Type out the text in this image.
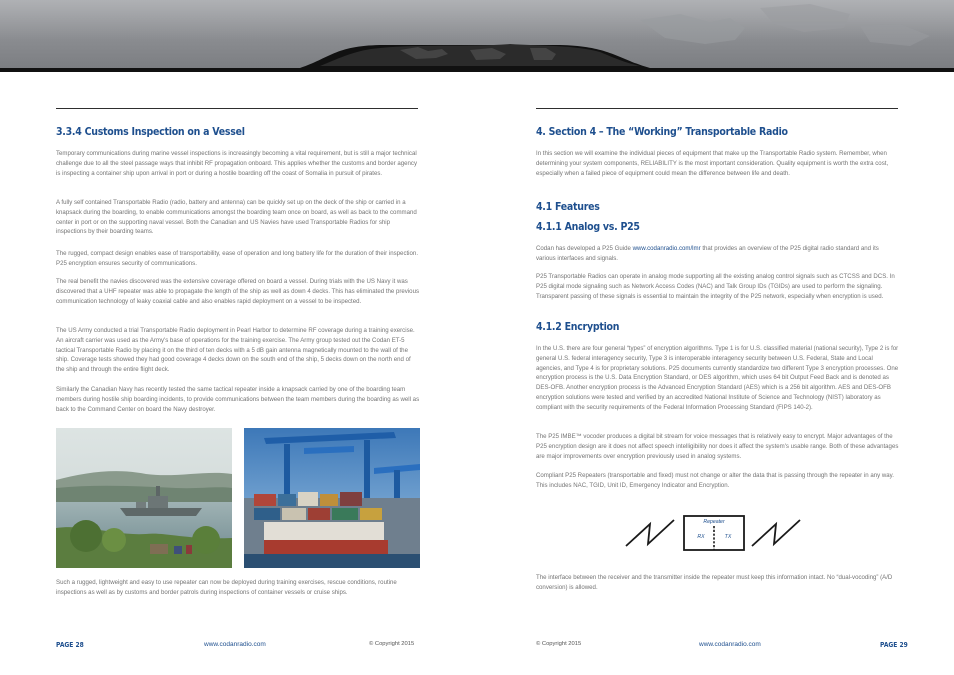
3.3.4 Customs Inspection on a Vessel

Temporary communications during marine vessel inspections is increasingly becoming a vital requirement, but is still a major technical challenge due to all the steel passage ways that inhibit RF propagation onboard. This applies whether the customs and border agency is inspecting a container ship upon arrival in port or during a hostile boarding off the coast of Somalia in pursuit of pirates.

A fully self contained Transportable Radio (radio, battery and antenna) can be quickly set up on the deck of the ship or carried in a knapsack during the boarding, to enable communications amongst the boarding team once on board, as well as back to the command center in port or on the supporting naval vessel. Both the Canadian and US Navies have used Transportable Radios for ship inspections by their boarding teams.

The rugged, compact design enables ease of transportability, ease of operation and long battery life for the duration of their inspection. P25 encryption ensures security of communications.

The real benefit the navies discovered was the extensive coverage offered on board a vessel. During trials with the US Navy it was discovered that a UHF repeater was able to propagate the length of the ship as well as down 4 decks. This has eliminated the previous communication technology of leaky coaxial cable and also enables rapid deployment on a vessel to be inspected.

The US Army conducted a trial Transportable Radio deployment in Pearl Harbor to determine RF coverage during a training exercise. An aircraft carrier was used as the Army's base of operations for the training exercise. The Army group tested out the Codan ET-5 tactical Transportable Radio by placing it on the third of ten decks with a 5 dB gain antenna magnetically mounted to the wall of the ship. Coverage tests showed they had good coverage 4 decks down on the south end of the ship, 5 decks down on the north end of the ship and through the entire flight deck.

Similarly the Canadian Navy has recently tested the same tactical repeater inside a knapsack carried by one of the boarding team members during hostile ship boarding incidents, to provide communications between the team members during the boarding as well as back to the Command Center on board the Navy destroyer.

Such a rugged, lightweight and easy to use repeater can now be deployed during training exercises, rescue conditions, routine inspections as well as by customs and border patrols during inspections of container vessels or cruise ships.

PAGE 28	www.codanradio.com	© Copyright 2015
4. Section 4 – The “Working” Transportable Radio

In this section we will examine the individual pieces of equipment that make up the Transportable Radio system. Remember, when determining your system components, RELIABILITY is the most important consideration. Quality equipment is worth the extra cost, especially when a failed piece of equipment could mean the difference between life and death.

4.1 Features
4.1.1 Analog vs. P25

Codan has developed a P25 Guide www.codanradio.com/lmr that provides an overview of the P25 digital radio standard and its various interfaces and signals.

P25 Transportable Radios can operate in analog mode supporting all the existing analog control signals such as CTCSS and DCS. In P25 digital mode signaling such as Network Access Codes (NAC) and Talk Group IDs (TGIDs) are used to perform the signaling. Transparent passing of these signals is essential to maintain the integrity of the P25 network, especially when encryption is used.

4.1.2 Encryption

In the U.S. there are four general “types” of encryption algorithms. Type 1 is for U.S. classified material (national security), Type 2 is for general U.S. federal interagency security, Type 3 is interoperable interagency security between U.S. Federal, State and Local agencies, and Type 4 is for proprietary solutions. P25 documents currently standardize two different Type 3 encryption processes. One encryption process is the U.S. Data Encryption Standard, or DES algorithm, which uses 64 bit Output Feed Back and is denoted as DES-OFB. Another encryption process is the Advanced Encryption Standard (AES) which is a 256 bit algorithm. AES and DES-OFB encryption solutions were tested and verified by an accredited National Institute of Science and Technology (NIST) laboratory as compliant with the security requirements of the Federal Information Processing Standard (FIPS 140-2).

The P25 IMBE™ vocoder produces a digital bit stream for voice messages that is relatively easy to encrypt. Major advantages of the P25 encryption design are it does not affect speech intelligibility nor does it affect the system's usable range. Both of these advantages are major improvements over encryption previously used in analog systems.

Compliant P25 Repeaters (transportable and fixed) must not change or alter the data that is passing through the repeater in any way. This includes NAC, TGID, Unit ID, Emergency Indicator and Encryption.

Repeater
RX	TX

The interface between the receiver and the transmitter inside the repeater must keep this information intact. No “dual-vocoding” (A/D conversion) is allowed.

© Copyright 2015	www.codanradio.com	PAGE 29
